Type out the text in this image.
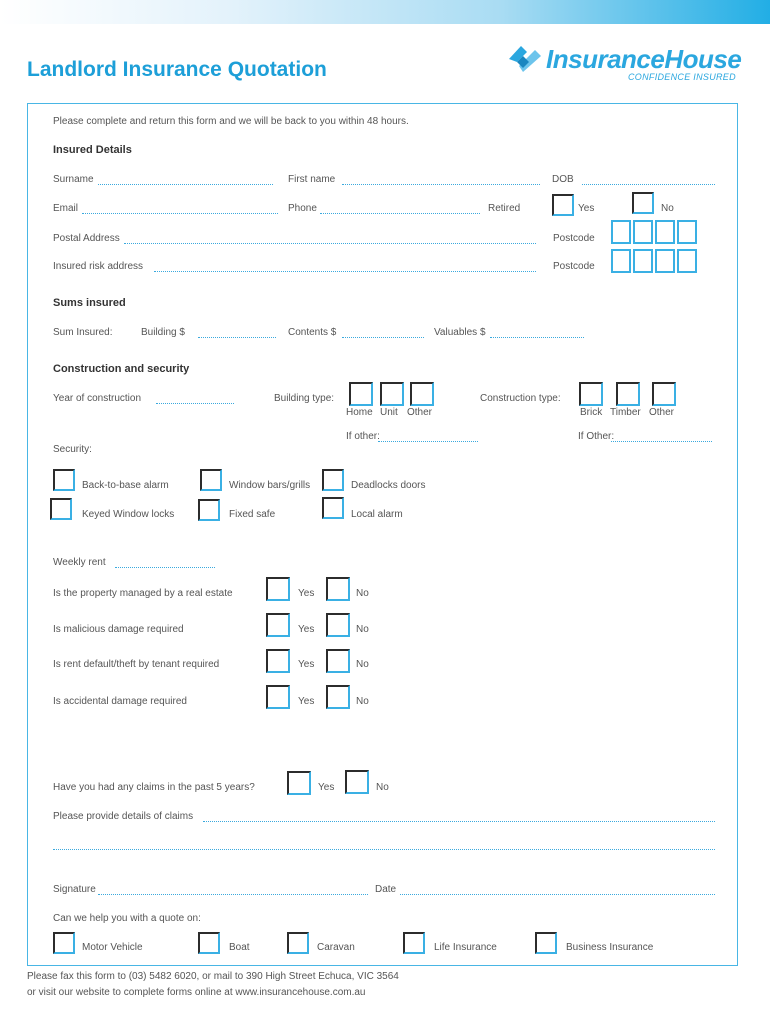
Landlord Insurance Quotation	InsuranceHouse
CONFIDENCE INSURED
Please complete and return this form and we will be back to you within 48 hours.
Insured Details
Surname	First name	DOB
Email	Phone	Retired	Yes	No
Postal Address	Postcode
Insured risk address	Postcode
Sums insured
Sum Insured:	Building $	Contents $	Valuables $
Construction and security
Year of construction	Building type:
Home Unit Other
If other:
Construction type:
Brick Timber Other
If Other:
Security:
Back-to-base alarm	Window bars/grills	Deadlocks doors
Keyed Window locks	Fixed safe	Local alarm
Weekly rent
Is the property managed by a real estate	Yes	No
Is malicious damage required	Yes	No
Is rent default/theft by tenant required	Yes	No
Is accidental damage required	Yes	No
Have you had any claims in the past 5 years?	Yes	No
Please provide details of claims
Signature	Date
Can we help you with a quote on:
Motor Vehicle	Boat	Caravan	Life Insurance	Business Insurance
Please fax this form to (03) 5482 6020, or mail to 390 High Street Echuca, VIC 3564
or visit our website to complete forms online at www.insurancehouse.com.au
